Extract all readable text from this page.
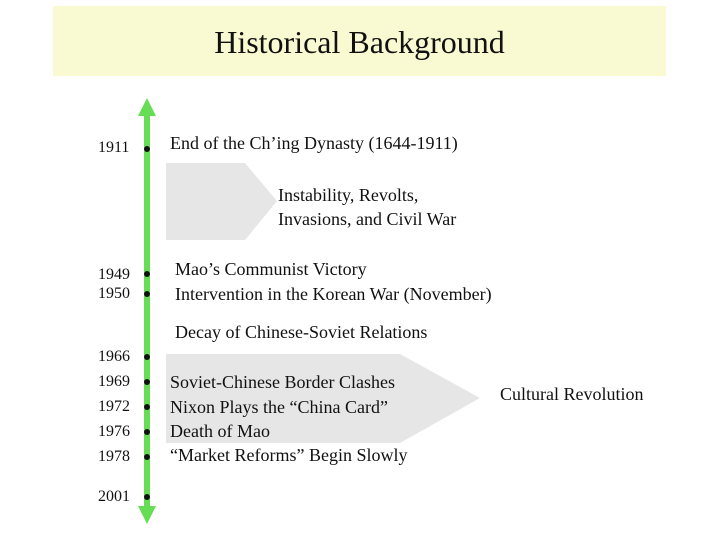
Historical Background
1911
1949
1950
1966
1969
1972
1976
1978
2001
End of the Ch’ing Dynasty (1644-1911)
Instability, Revolts,
Invasions, and Civil War
Mao’s Communist Victory
Intervention in the Korean War (November)
Decay of Chinese-Soviet Relations
Soviet-Chinese Border Clashes
Nixon Plays the “China Card”
Death of Mao
“Market Reforms” Begin Slowly
Cultural Revolution
